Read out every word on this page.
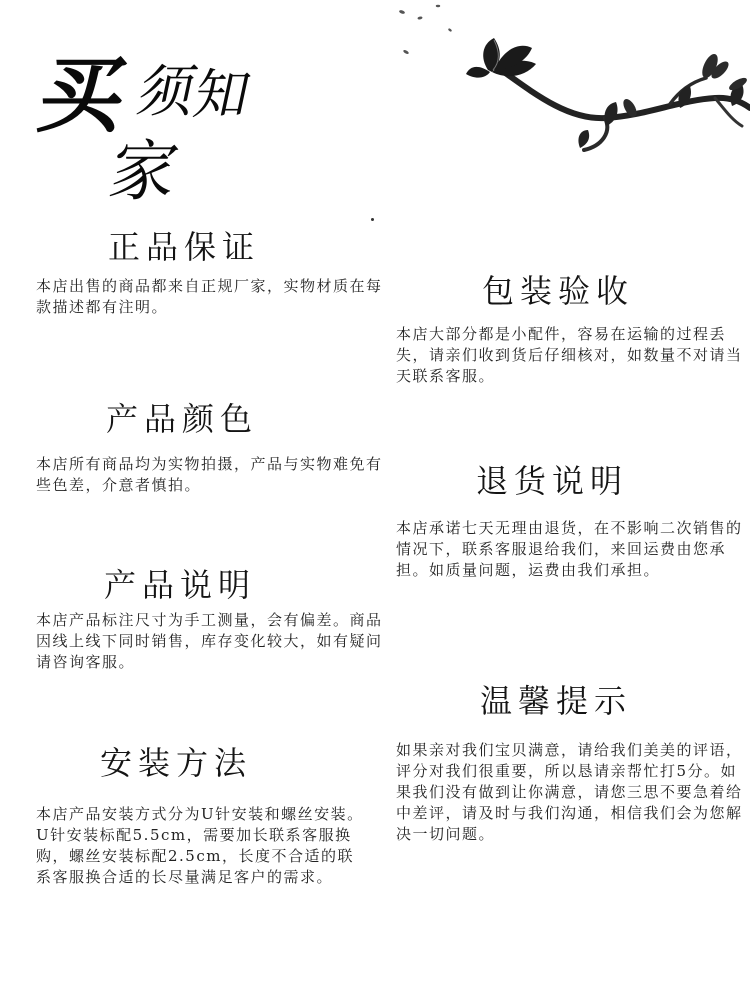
买
须
知
家
正品保证

本店出售的商品都来自正规厂家，实物材质在每款描述都有注明。

产品颜色

本店所有商品均为实物拍摄，产品与实物难免有些色差，介意者慎拍。

产品说明

本店产品标注尺寸为手工测量，会有偏差。商品因线上线下同时销售，库存变化较大，如有疑问请咨询客服。

安装方法

本店产品安装方式分为U针安装和螺丝安装。U针安装标配5.5cm，需要加长联系客服换购，螺丝安装标配2.5cm，长度不合适的联系客服换合适的长尽量满足客户的需求。

包装验收

本店大部分都是小配件，容易在运输的过程丢失，请亲们收到货后仔细核对，如数量不对请当天联系客服。

退货说明

本店承诺七天无理由退货，在不影响二次销售的情况下，联系客服退给我们，来回运费由您承担。如质量问题，运费由我们承担。

温馨提示

如果亲对我们宝贝满意，请给我们美美的评语，评分对我们很重要，所以恳请亲帮忙打5分。如果我们没有做到让你满意，请您三思不要急着给中差评，请及时与我们沟通，相信我们会为您解决一切问题。
